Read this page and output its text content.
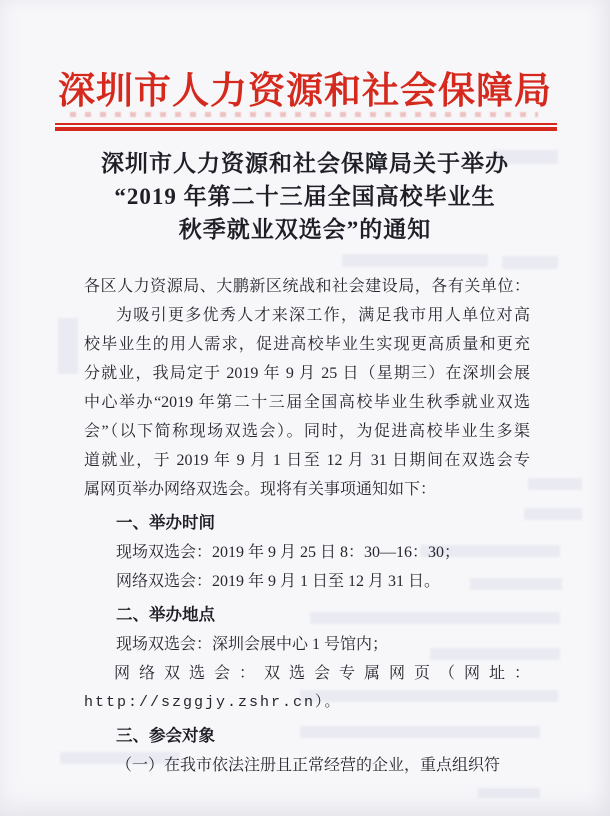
深圳市人力资源和社会保障局
深圳市人力资源和社会保障局关于举办
“2019 年第二十三届全国高校毕业生
秋季就业双选会”的通知
各区人力资源局、大鹏新区统战和社会建设局，各有关单位：
为吸引更多优秀人才来深工作，满足我市用人单位对高
校毕业生的用人需求，促进高校毕业生实现更高质量和更充
分就业，我局定于 2019 年 9 月 25 日（星期三）在深圳会展
中心举办“2019 年第二十三届全国高校毕业生秋季就业双选
会”（以下简称现场双选会）。同时，为促进高校毕业生多渠
道就业，于 2019 年 9 月 1 日至 12 月 31 日期间在双选会专
属网页举办网络双选会。现将有关事项通知如下：
一、举办时间
现场双选会：2019 年 9 月 25 日 8：30—16：30；
网络双选会：2019 年 9 月 1 日至 12 月 31 日。
二、举办地点
现场双选会：深圳会展中心 1 号馆内；
网络双选会：双选会专属网页（网址：
http://szggjy.zshr.cn）。
三、参会对象
（一）在我市依法注册且正常经营的企业，重点组织符
